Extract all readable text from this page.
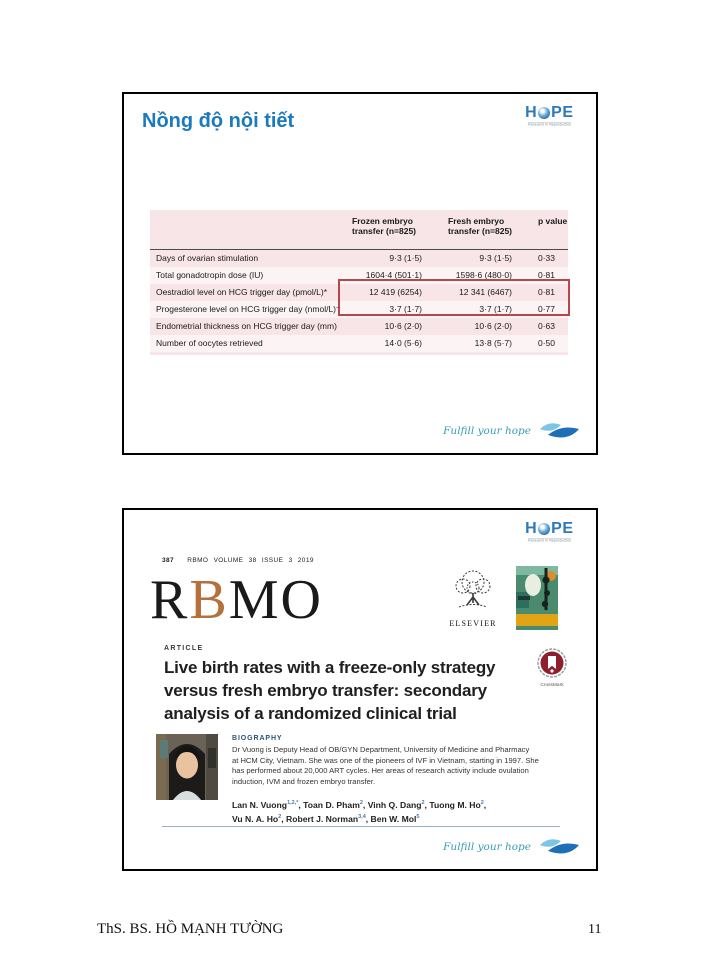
Nồng độ nội tiết	H PE
Research in Reproduction
	Frozen embryo transfer (n=825)	Fresh embryo transfer (n=825)	p value
Days of ovarian stimulation	9·3 (1·5)	9·3 (1·5)	0·33
Total gonadotropin dose (IU)	1604·4 (501·1)	1598·6 (480·0)	0·81
Oestradiol level on HCG trigger day (pmol/L)*	12 419 (6254)	12 341 (6467)	0·81
Progesterone level on HCG trigger day (nmol/L)†	3·7 (1·7)	3·7 (1·7)	0·77
Endometrial thickness on HCG trigger day (mm)	10·6 (2·0)	10·6 (2·0)	0·63
Number of oocytes retrieved	14·0 (5·6)	13·8 (5·7)	0·50
Fulfill your hope
H PE
Research in Reproduction
387 RBMO VOLUME 38 ISSUE 3 2019
RBMO	ELSEVIER
ARTICLE
Live birth rates with a freeze-only strategy
versus fresh embryo transfer: secondary
analysis of a randomized clinical trial
CrossMark
BIOGRAPHY
Dr Vuong is Deputy Head of OB/GYN Department, University of Medicine and Pharmacy
at HCM City, Vietnam. She was one of the pioneers of IVF in Vietnam, starting in 1997. She
has performed about 20,000 ART cycles. Her areas of research activity include ovulation
induction, IVM and frozen embryo transfer.
Lan N. Vuong$^{1,2,*}$, Toan D. Pham$^2$, Vinh Q. Dang$^2$, Tuong M. Ho$^2$,
Vu N. A. Ho$^2$, Robert J. Norman$^{3,4}$, Ben W. Mol$^5$
Fulfill your hope
ThS. BS. HỒ MẠNH TƯỜNG	11
